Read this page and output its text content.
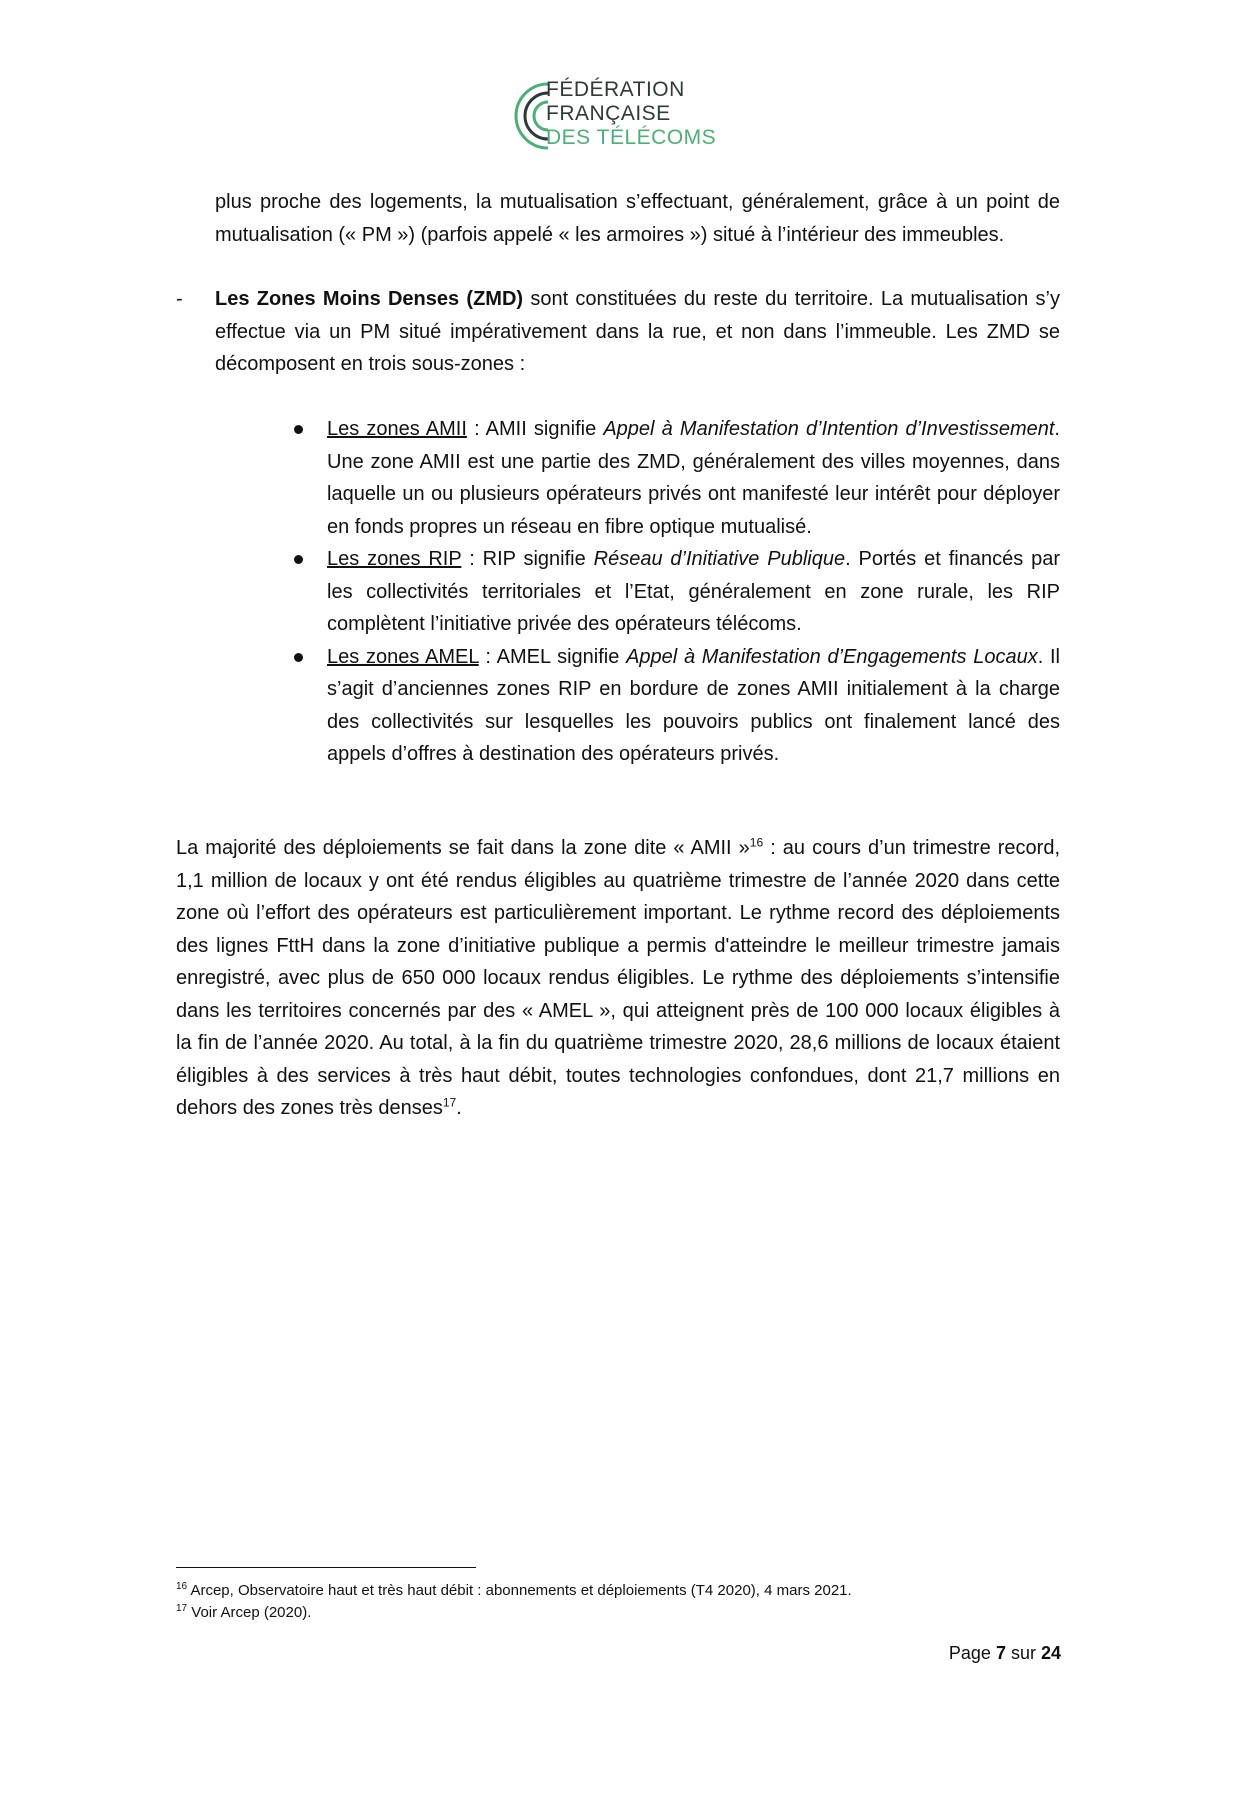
FÉDÉRATION
FRANÇAISE
DES TÉLÉCOMS
plus proche des logements, la mutualisation s’effectuant, généralement, grâce à un point de mutualisation (« PM ») (parfois appelé « les armoires ») situé à l’intérieur des immeubles.
- Les Zones Moins Denses (ZMD) sont constituées du reste du territoire. La mutualisation s’y effectue via un PM situé impérativement dans la rue, et non dans l’immeuble. Les ZMD se décomposent en trois sous-zones :
Les zones AMII : AMII signifie Appel à Manifestation d’Intention d’Investissement. Une zone AMII est une partie des ZMD, généralement des villes moyennes, dans laquelle un ou plusieurs opérateurs privés ont manifesté leur intérêt pour déployer en fonds propres un réseau en fibre optique mutualisé.
Les zones RIP : RIP signifie Réseau d’Initiative Publique. Portés et financés par les collectivités territoriales et l’Etat, généralement en zone rurale, les RIP complètent l’initiative privée des opérateurs télécoms.
Les zones AMEL : AMEL signifie Appel à Manifestation d’Engagements Locaux. Il s’agit d’anciennes zones RIP en bordure de zones AMII initialement à la charge des collectivités sur lesquelles les pouvoirs publics ont finalement lancé des appels d’offres à destination des opérateurs privés.
La majorité des déploiements se fait dans la zone dite « AMII »$^{16}$ : au cours d’un trimestre record, 1,1 million de locaux y ont été rendus éligibles au quatrième trimestre de l’année 2020 dans cette zone où l’effort des opérateurs est particulièrement important. Le rythme record des déploiements des lignes FttH dans la zone d’initiative publique a permis d'atteindre le meilleur trimestre jamais enregistré, avec plus de 650 000 locaux rendus éligibles. Le rythme des déploiements s’intensifie dans les territoires concernés par des « AMEL », qui atteignent près de 100 000 locaux éligibles à la fin de l’année 2020. Au total, à la fin du quatrième trimestre 2020, 28,6 millions de locaux étaient éligibles à des services à très haut débit, toutes technologies confondues, dont 21,7 millions en dehors des zones très denses$^{17}$.
$^{16}$ Arcep, Observatoire haut et très haut débit : abonnements et déploiements (T4 2020), 4 mars 2021.
$^{17}$ Voir Arcep (2020).
Page 7 sur 24
